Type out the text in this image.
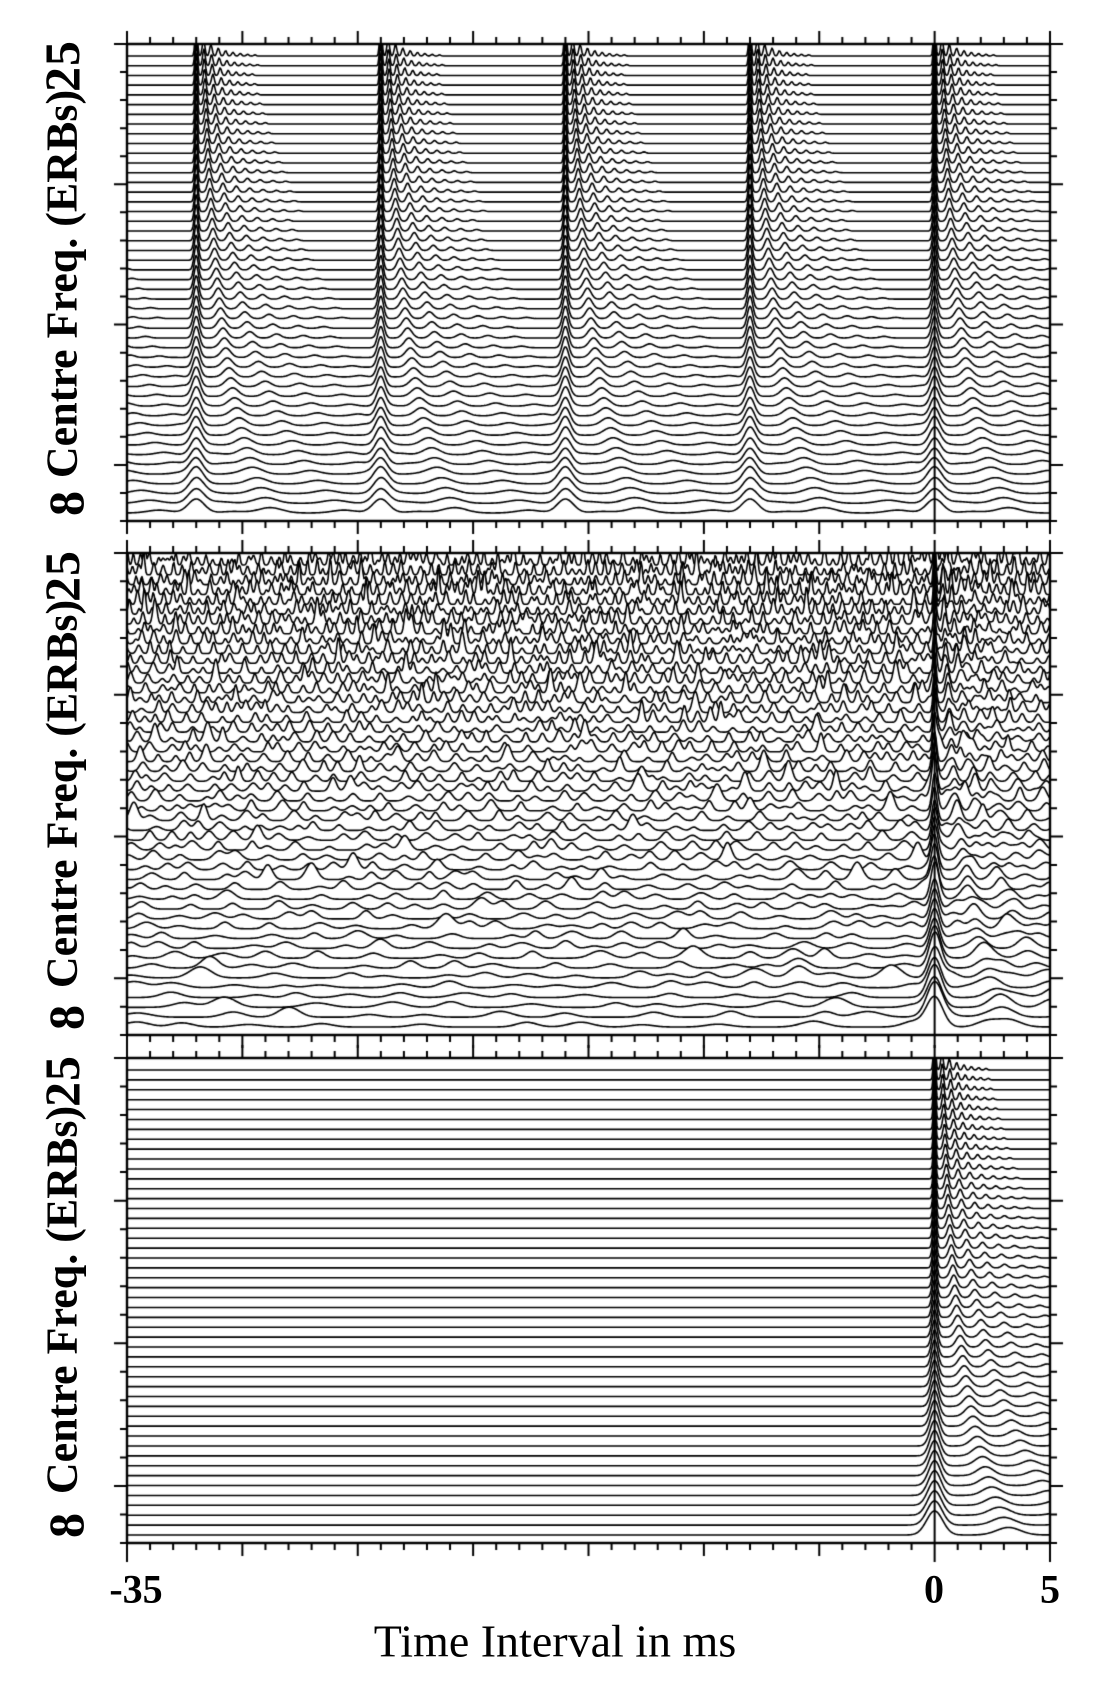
25
Centre Freq. (ERBs)
8
25
Centre Freq. (ERBs)
8
25
Centre Freq. (ERBs)
8
-35	0 5
Time Interval in ms
